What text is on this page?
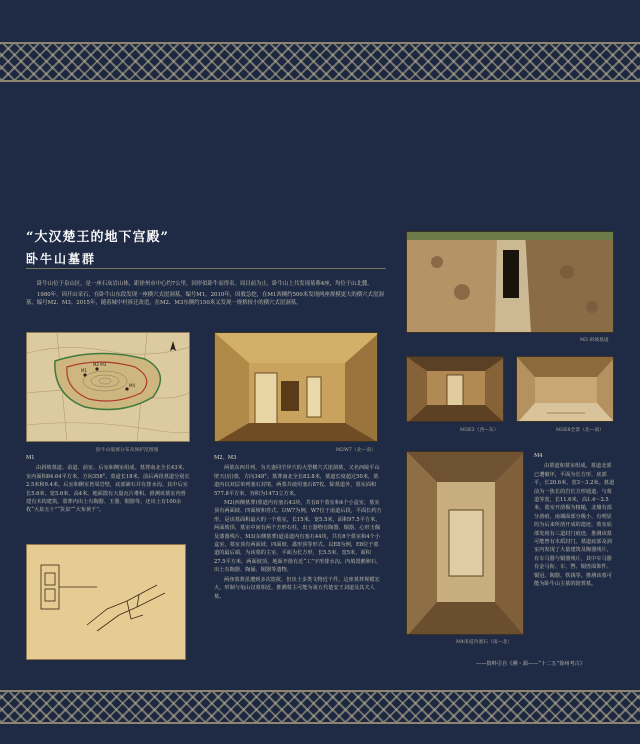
“大汉楚王的地下宫殿”
卧牛山墓群

卧牛山位于泉山区，是一座石灰岩山体，距徐州市中心约7公里，因形似卧牛而得名。周目前为止，卧牛山上共发现墓葬4座，均位于山北麓。

1980年，因开山采石，在卧牛山东段发现一座横穴式崖洞墓，编号M1。2010年，因救急挖，在M1西侧约500米发现两座规模更大的横穴式崖洞墓，编号M2、M3。2015年，随着城中村拆迁改造，在M2、M3东侧约150米又发现一规格较小的横穴式崖洞墓。

M1
M2 M3
M4
卧牛山墓群分布及保护范围图	M2W7（北—南）
M3 斜坡墓道
M3E3（西—东）	M3E8全景（北—南）
M4甬道内塞石（南—北）
M1

由斜坡墓道、甬道、前室、后室和侧室组成。墓葬南北全长43米，室内面积84.64平方米，方向358°。墓道长18米，前后两段墓道分别长2.5米和9.4米。后室和侧室皆周岩壁，底部铺石并有排水沟。其中后室长5.6米、宽5.6米、高4米。地面散有大量瓦片堆积。推测该墓室内曾建有木构建筑。墓葬内出土有陶器、玉器、铜器等，还出土有100余枚“大泉五十”“货泉”“大布黄千”。

M2、M3

两墓东西并列，为夫妻同茔异穴的大型横穴式崖洞墓，又名西陵平山壁天(启)墓，方向348°。墓葬南北全长82.8米，墓道长度超过50米，墓道内以双层单列塞石封堵，两墓共使用塞石87枚。除墓道外，墓室面积577.8平方米，容积为1473立方米。

M2(西侧墓葬)墓道内有塞石43块，共有8个墓室和4个小盒室，墓室顶有两面坡、四面坡和券式。以W7为例，W7位于甬道后段，平面长约方形，是该墓面积最大的一个墓室，长15米、宽5.5米，面积97.5平方米，两面坡顶，墓室中间有两个方形石柱，出土器物有陶器、铜器、心形玉佩及漆器残片。M3(东侧墓葬)道甬道内有塞石44块，共有8个墓室和4个小盒室，墓室顶有两面坡、四面坡、盝形顶等形式。以E8为例，E8位于墓道的最后端，为该墓的主室，平面为长方形，长5.5米、宽5米，面积27.5平方米，两面坡顶。地面开凿有近“工”字形排水沟。内填置鹅卵石，出土有陶器、陶俑、铜器等遗物。

两座墓葬虽遭到多次盗扰，但出土多类文物近千件。这座墓葬规模宏大，形制与龟山汉墓相近，推测墓主可能为第五代楚安王刘道及其夫人墓。

M4

由墓道和墓室组成。墓道北部已遭破坏，平面为长方形，底部平，长20.6米、宽3～3.2米。墓道前为一狭长的岩长方形通道，与墓道等宽，长11.6米，高1.4～2.5米。墓室开凿极为粗糙，北墙有部分凿痕，南墙面部分极小，有明显的为后来所凿开成的遗迹，墓室底部发现有三道封门痕迹，推测该墓可能曾有木质封门。墓道底部及洞室内发现了大量建筑及陶器残片，有车马器与铜器残片，其中车马器有金马衔、车、辔、铜兽面饰件、铜冠、陶器、铁钱等。推测该墓可能为卧牛山主墓的陪葬墓。

——资料引自《溯・源——“十二五”徐州考古》
